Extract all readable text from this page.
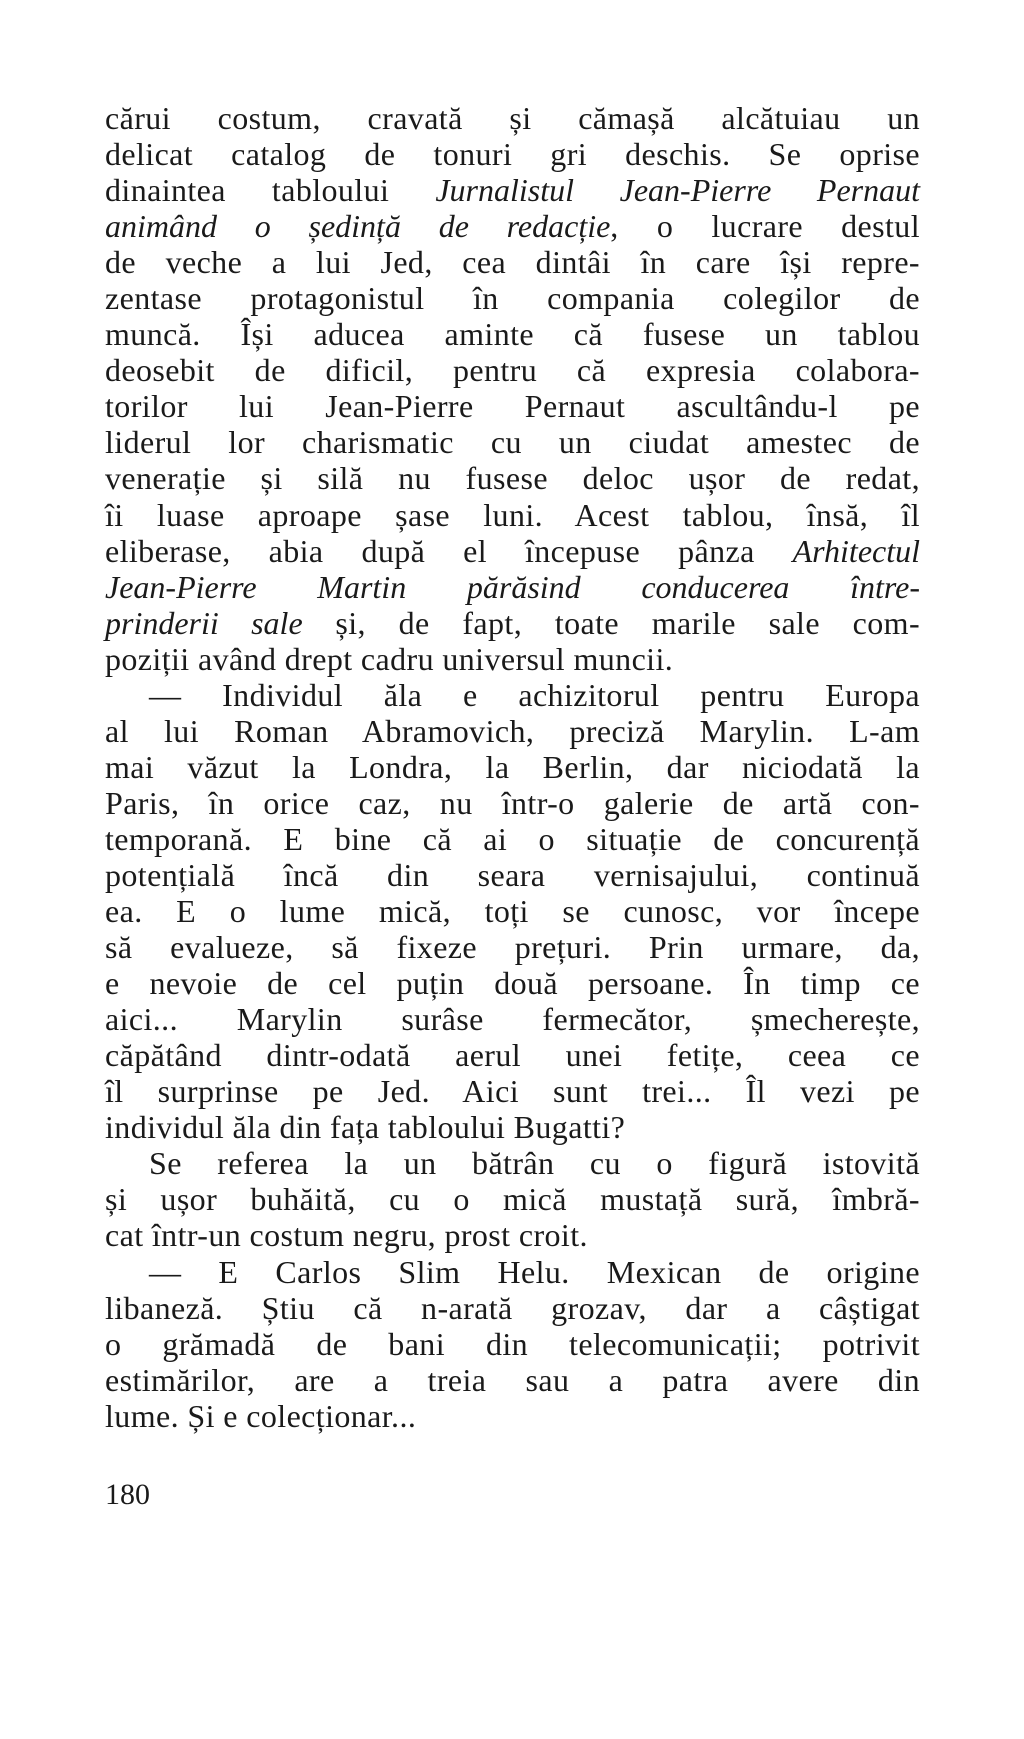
cărui costum, cravată și cămașă alcătuiau un
delicat catalog de tonuri gri deschis. Se oprise
dinaintea tabloului Jurnalistul Jean-Pierre Pernaut
animând o ședință de redacție, o lucrare destul
de veche a lui Jed, cea dintâi în care își repre-
zentase protagonistul în compania colegilor de
muncă. Își aducea aminte că fusese un tablou
deosebit de dificil, pentru că expresia colabora-
torilor lui Jean-Pierre Pernaut ascultându-l pe
liderul lor charismatic cu un ciudat amestec de
venerație și silă nu fusese deloc ușor de redat,
îi luase aproape șase luni. Acest tablou, însă, îl
eliberase, abia după el începuse pânza Arhitectul
Jean-Pierre Martin părăsind conducerea între-
prinderii sale și, de fapt, toate marile sale com-
poziții având drept cadru universul muncii.
— Individul ăla e achizitorul pentru Europa
al lui Roman Abramovich, preciză Marylin. L-am
mai văzut la Londra, la Berlin, dar niciodată la
Paris, în orice caz, nu într-o galerie de artă con-
temporană. E bine că ai o situație de concurență
potențială încă din seara vernisajului, continuă
ea. E o lume mică, toți se cunosc, vor începe
să evalueze, să fixeze prețuri. Prin urmare, da,
e nevoie de cel puțin două persoane. În timp ce
aici... Marylin surâse fermecător, șmecherește,
căpătând dintr-odată aerul unei fetițe, ceea ce
îl surprinse pe Jed. Aici sunt trei... Îl vezi pe
individul ăla din fața tabloului Bugatti?
Se referea la un bătrân cu o figură istovită
și ușor buhăită, cu o mică mustață sură, îmbră-
cat într-un costum negru, prost croit.
— E Carlos Slim Helu. Mexican de origine
libaneză. Știu că n-arată grozav, dar a câștigat
o grămadă de bani din telecomunicații; potrivit
estimărilor, are a treia sau a patra avere din
lume. Și e colecționar...
180
